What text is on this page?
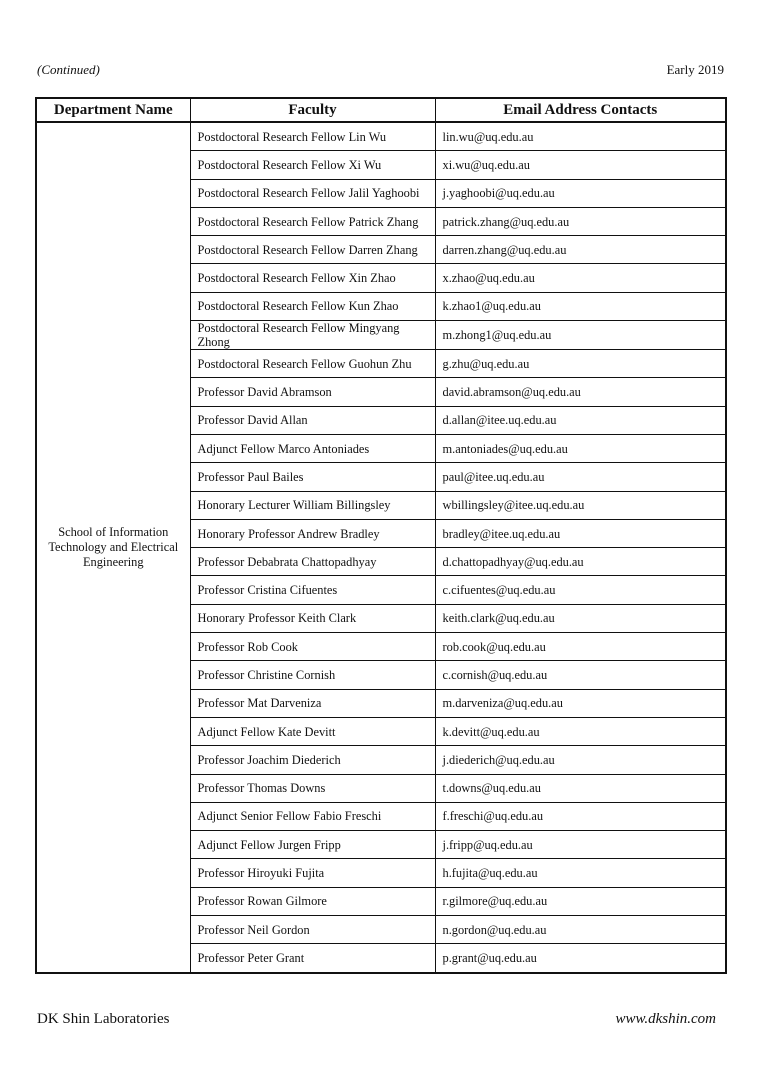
(Continued)	Early 2019
Department Name	Faculty	Email Address Contacts
School of Information Technology and Electrical Engineering	Postdoctoral Research Fellow Lin Wu	lin.wu@uq.edu.au
	Postdoctoral Research Fellow Xi Wu	xi.wu@uq.edu.au
	Postdoctoral Research Fellow Jalil Yaghoobi	j.yaghoobi@uq.edu.au
	Postdoctoral Research Fellow Patrick Zhang	patrick.zhang@uq.edu.au
	Postdoctoral Research Fellow Darren Zhang	darren.zhang@uq.edu.au
	Postdoctoral Research Fellow Xin Zhao	x.zhao@uq.edu.au
	Postdoctoral Research Fellow Kun Zhao	k.zhao1@uq.edu.au
	Postdoctoral Research Fellow Mingyang Zhong	m.zhong1@uq.edu.au
	Postdoctoral Research Fellow Guohun Zhu	g.zhu@uq.edu.au
	Professor David Abramson	david.abramson@uq.edu.au
	Professor David Allan	d.allan@itee.uq.edu.au
	Adjunct Fellow Marco Antoniades	m.antoniades@uq.edu.au
	Professor Paul Bailes	paul@itee.uq.edu.au
	Honorary Lecturer William Billingsley	wbillingsley@itee.uq.edu.au
	Honorary Professor Andrew Bradley	bradley@itee.uq.edu.au
	Professor Debabrata Chattopadhyay	d.chattopadhyay@uq.edu.au
	Professor Cristina Cifuentes	c.cifuentes@uq.edu.au
	Honorary Professor Keith Clark	keith.clark@uq.edu.au
	Professor Rob Cook	rob.cook@uq.edu.au
	Professor Christine Cornish	c.cornish@uq.edu.au
	Professor Mat Darveniza	m.darveniza@uq.edu.au
	Adjunct Fellow Kate Devitt	k.devitt@uq.edu.au
	Professor Joachim Diederich	j.diederich@uq.edu.au
	Professor Thomas Downs	t.downs@uq.edu.au
	Adjunct Senior Fellow Fabio Freschi	f.freschi@uq.edu.au
	Adjunct Fellow Jurgen Fripp	j.fripp@uq.edu.au
	Professor Hiroyuki Fujita	h.fujita@uq.edu.au
	Professor Rowan Gilmore	r.gilmore@uq.edu.au
	Professor Neil Gordon	n.gordon@uq.edu.au
	Professor Peter Grant	p.grant@uq.edu.au
DK Shin Laboratories	www.dkshin.com
